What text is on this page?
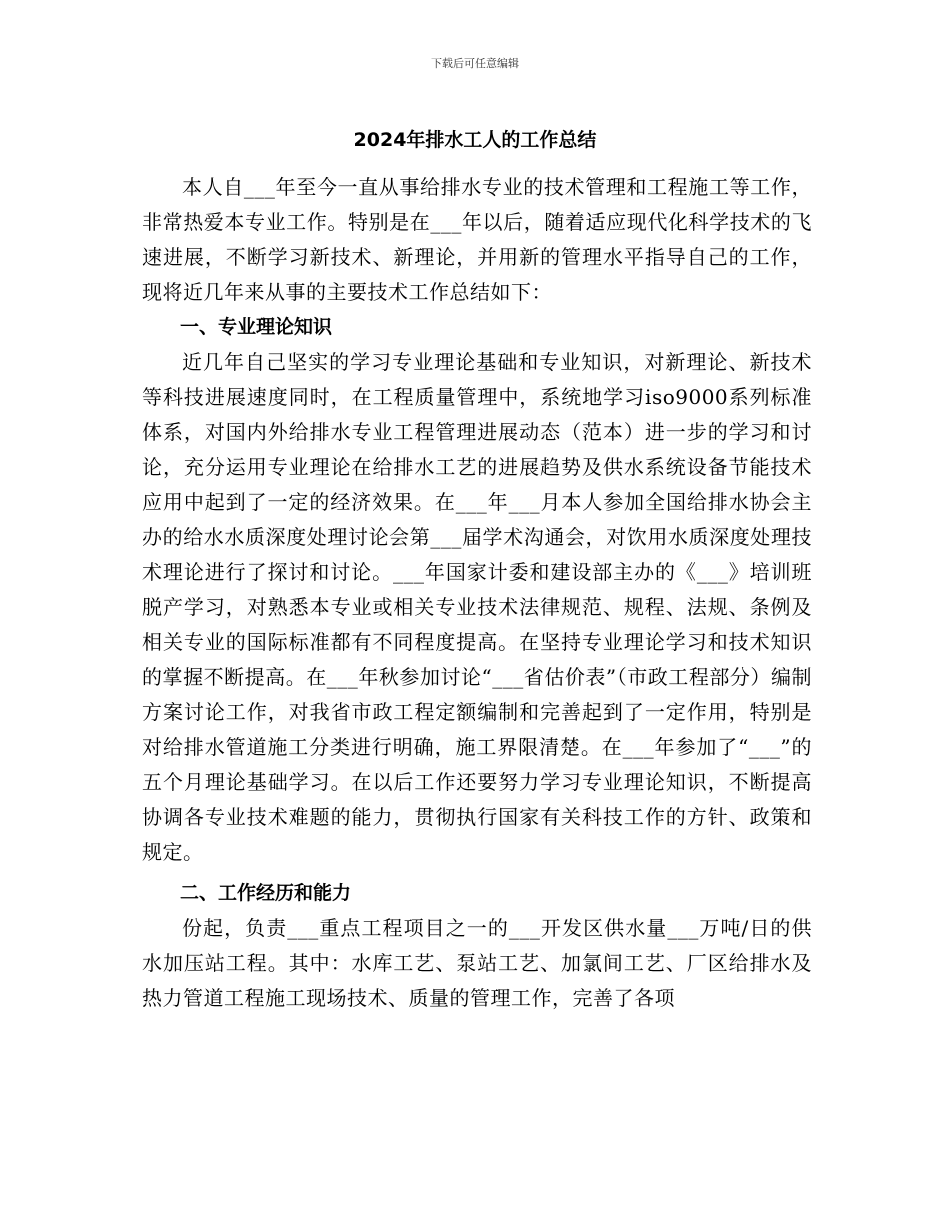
下载后可任意编辑
2024年排水工人的工作总结

本人自___年至今一直从事给排水专业的技术管理和工程施工等工作，非常热爱本专业工作。特别是在___年以后，随着适应现代化科学技术的飞速进展，不断学习新技术、新理论，并用新的管理水平指导自己的工作，现将近几年来从事的主要技术工作总结如下：

一、专业理论知识

近几年自己坚实的学习专业理论基础和专业知识，对新理论、新技术等科技进展速度同时，在工程质量管理中，系统地学习iso9000系列标准体系，对国内外给排水专业工程管理进展动态（范本）进一步的学习和讨论，充分运用专业理论在给排水工艺的进展趋势及供水系统设备节能技术应用中起到了一定的经济效果。在___年___月本人参加全国给排水协会主办的给水水质深度处理讨论会第___届学术沟通会，对饮用水质深度处理技术理论进行了探讨和讨论。___年国家计委和建设部主办的《___》培训班脱产学习，对熟悉本专业或相关专业技术法律规范、规程、法规、条例及相关专业的国际标准都有不同程度提高。在坚持专业理论学习和技术知识的掌握不断提高。在___年秋参加讨论“___省估价表”（市政工程部分）编制方案讨论工作，对我省市政工程定额编制和完善起到了一定作用，特别是对给排水管道施工分类进行明确，施工界限清楚。在___年参加了“___”的五个月理论基础学习。在以后工作还要努力学习专业理论知识，不断提高协调各专业技术难题的能力，贯彻执行国家有关科技工作的方针、政策和规定。

二、工作经历和能力

份起，负责___重点工程项目之一的___开发区供水量___万吨/日的供水加压站工程。其中：水库工艺、泵站工艺、加氯间工艺、厂区给排水及热力管道工程施工现场技术、质量的管理工作，完善了各项
